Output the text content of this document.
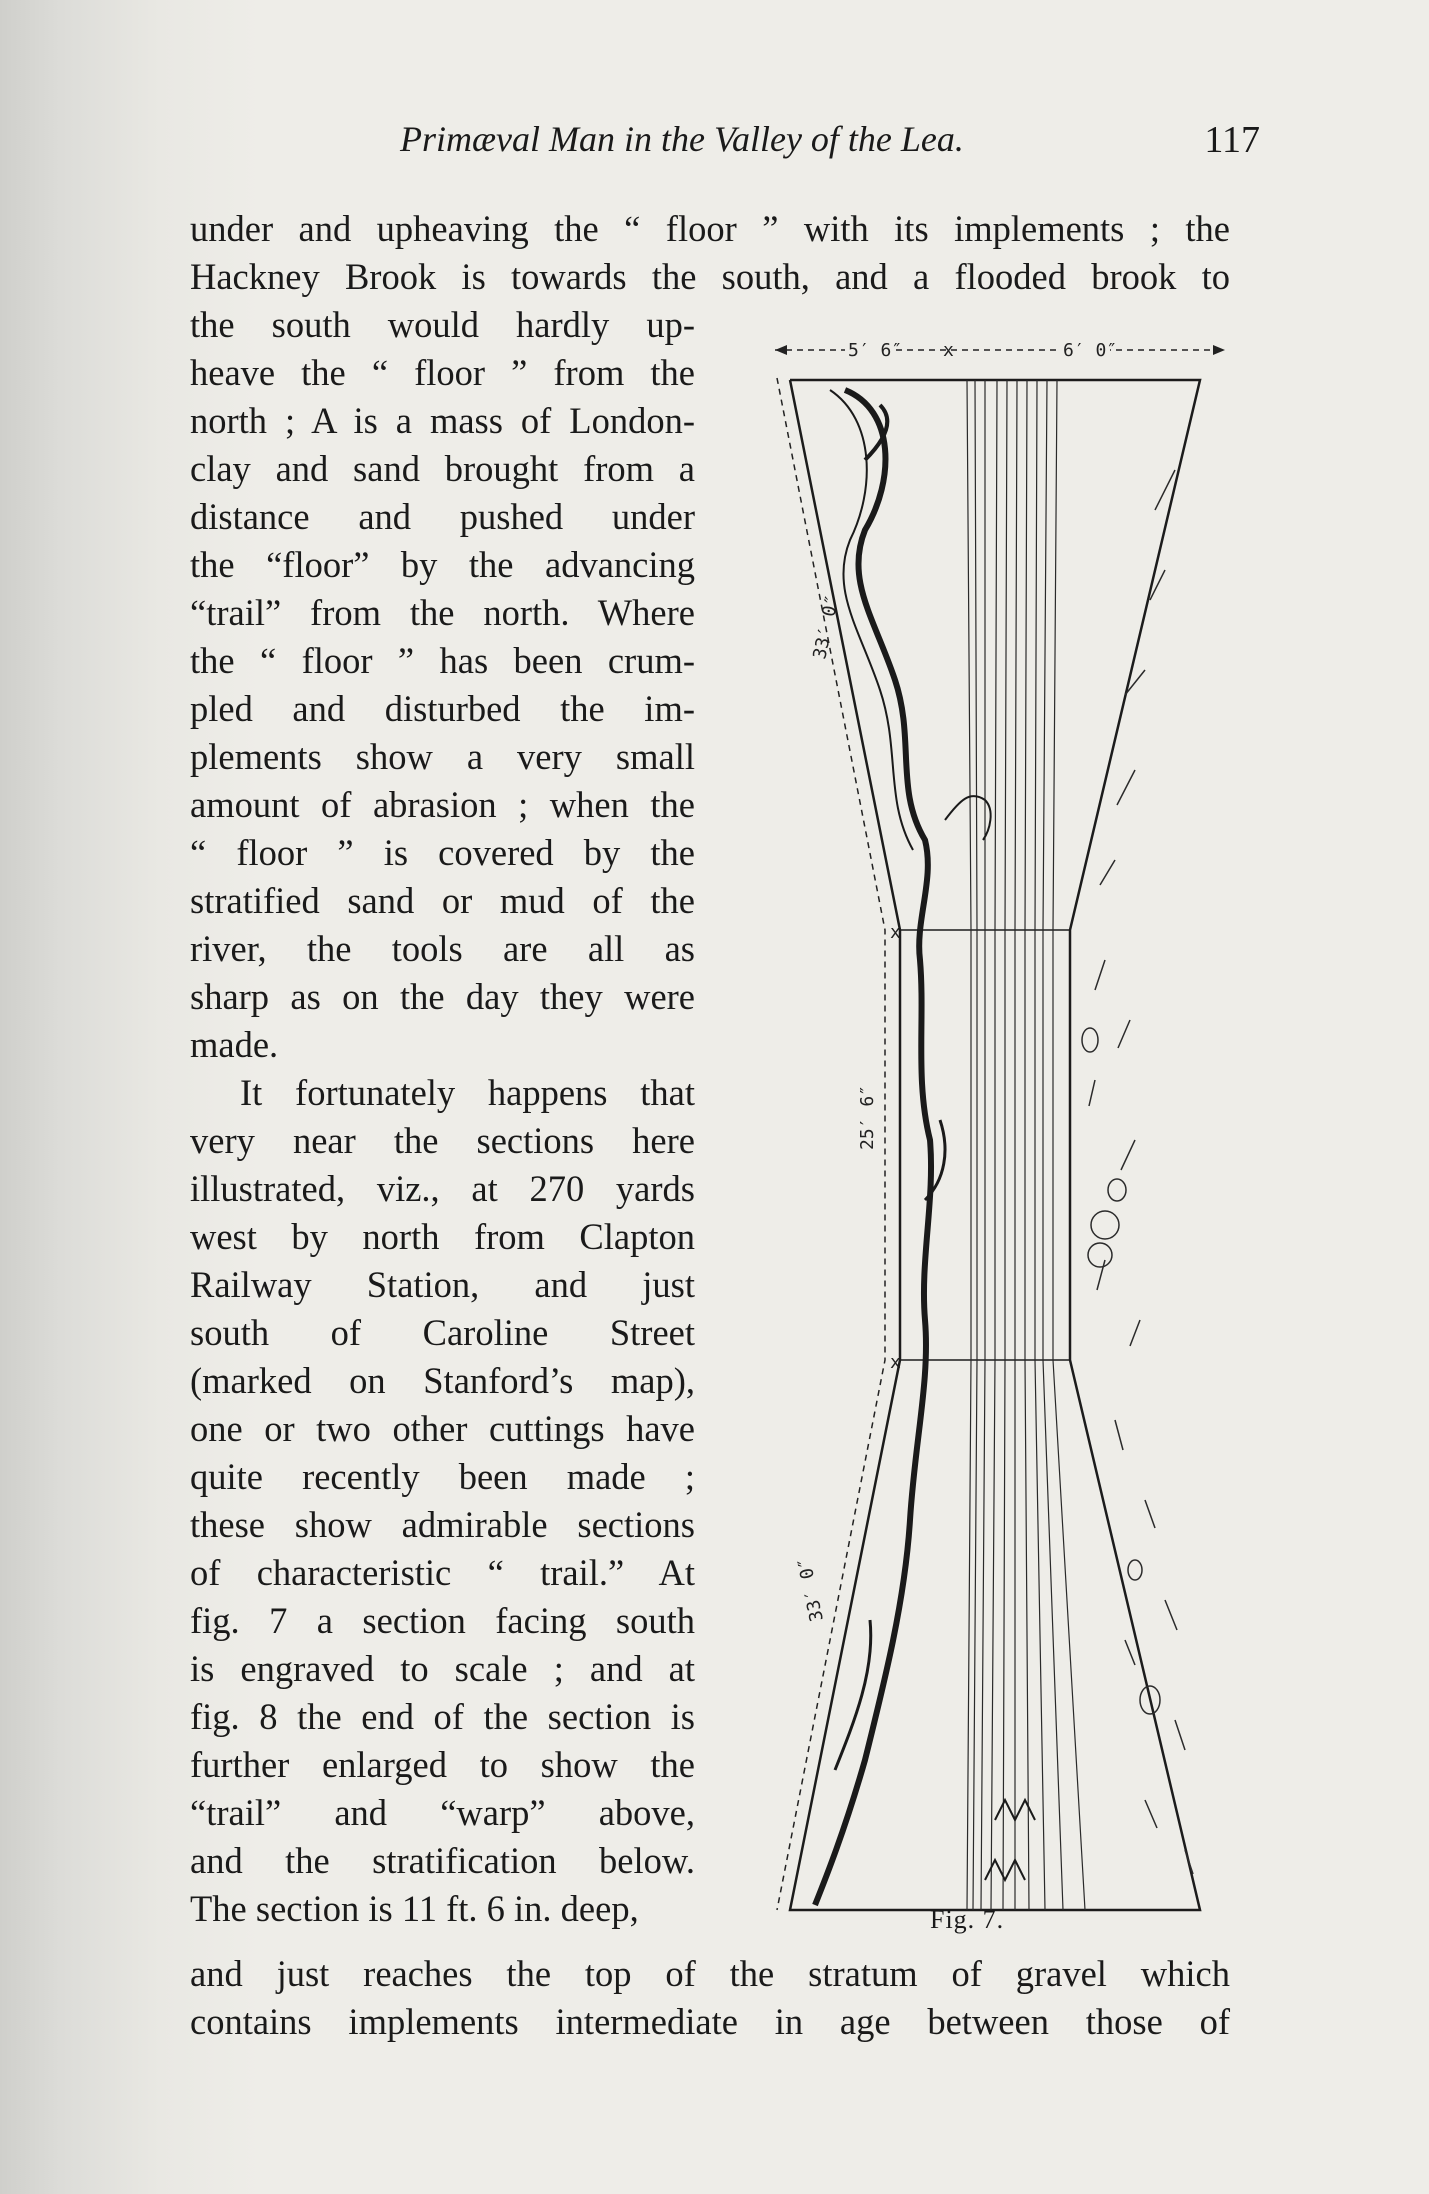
Primæval Man in the Valley of the Lea.	117
under and upheaving the “ floor ” with its implements ; the
Hackney Brook is towards the south, and a flooded brook to
the south would hardly up-
heave the “ floor ” from the
north ; A is a mass of London-
clay and sand brought from a
distance and pushed under
the “floor” by the advancing
“trail” from the north. Where
the “ floor ” has been crum-
pled and disturbed the im-
plements show a very small
amount of abrasion ; when the
“ floor ” is covered by the
stratified sand or mud of the
river, the tools are all as
sharp as on the day they were
made.
It fortunately happens that
very near the sections here
illustrated, viz., at 270 yards
west by north from Clapton
Railway Station, and just
south of Caroline Street
(marked on Stanford’s map),
one or two other cuttings have
quite recently been made ;
these show admirable sections
of characteristic “ trail.” At
fig. 7 a section facing south
is engraved to scale ; and at
fig. 8 the end of the section is
further enlarged to show the
“trail” and “warp” above,
and the stratification below.
The section is 11 ft. 6 in. deep,
and just reaches the top of the stratum of gravel which
contains implements intermediate in age between those of
5′ 6″ x	6′ 0″
33′ 0″
25′ 6″
33′ 0″
x
x
Fig. 7.
